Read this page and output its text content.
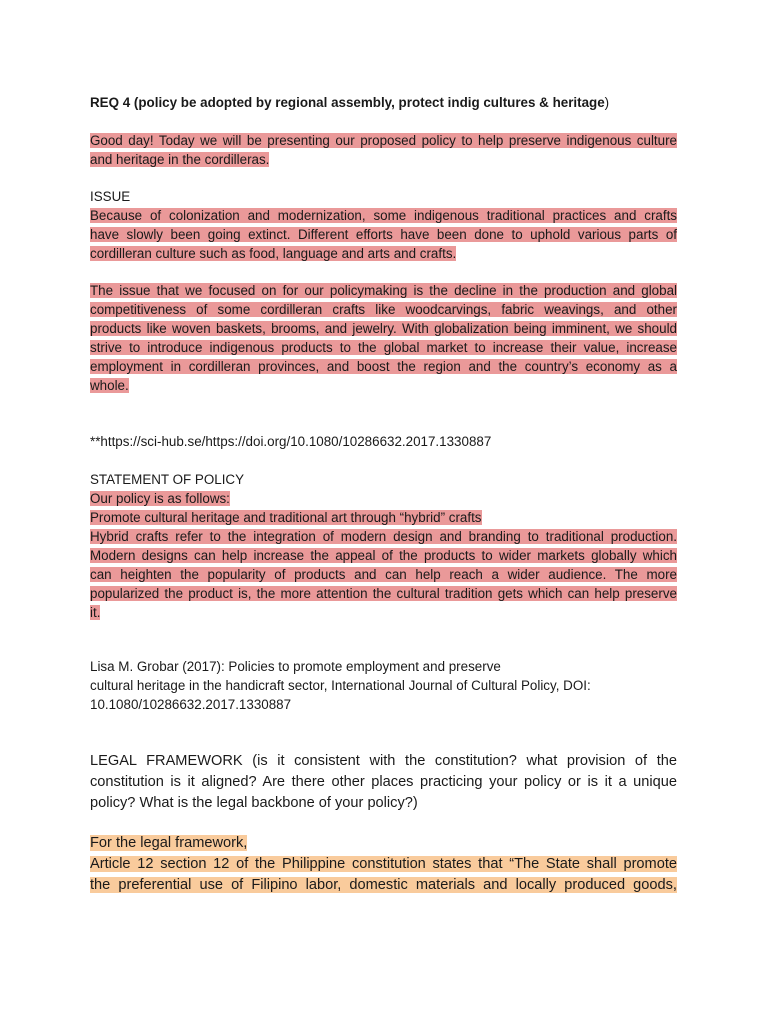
REQ 4 (policy be adopted by regional assembly, protect indig cultures & heritage)

Good day! Today we will be presenting our proposed policy to help preserve indigenous culture

and heritage in the cordilleras.

ISSUE

Because of colonization and modernization, some indigenous traditional practices and crafts

have slowly been going extinct. Different efforts have been done to uphold various parts of

cordilleran culture such as food, language and arts and crafts.

The issue that we focused on for our policymaking is the decline in the production and global

competitiveness of some cordilleran crafts like woodcarvings, fabric weavings, and other

products like woven baskets, brooms, and jewelry. With globalization being imminent, we should

strive to introduce indigenous products to the global market to increase their value, increase

employment in cordilleran provinces, and boost the region and the country’s economy as a

whole.

**https://sci-hub.se/https://doi.org/10.1080/10286632.2017.1330887

STATEMENT OF POLICY

Our policy is as follows:

Promote cultural heritage and traditional art through “hybrid” crafts

Hybrid crafts refer to the integration of modern design and branding to traditional production.

Modern designs can help increase the appeal of the products to wider markets globally which

can heighten the popularity of products and can help reach a wider audience. The more

popularized the product is, the more attention the cultural tradition gets which can help preserve

it.

Lisa M. Grobar (2017): Policies to promote employment and preserve

cultural heritage in the handicraft sector, International Journal of Cultural Policy, DOI:

10.1080/10286632.2017.1330887

LEGAL FRAMEWORK (is it consistent with the constitution? what provision of the

constitution is it aligned? Are there other places practicing your policy or is it a unique

policy? What is the legal backbone of your policy?)

For the legal framework,

Article 12 section 12 of the Philippine constitution states that “The State shall promote

the preferential use of Filipino labor, domestic materials and locally produced goods,
